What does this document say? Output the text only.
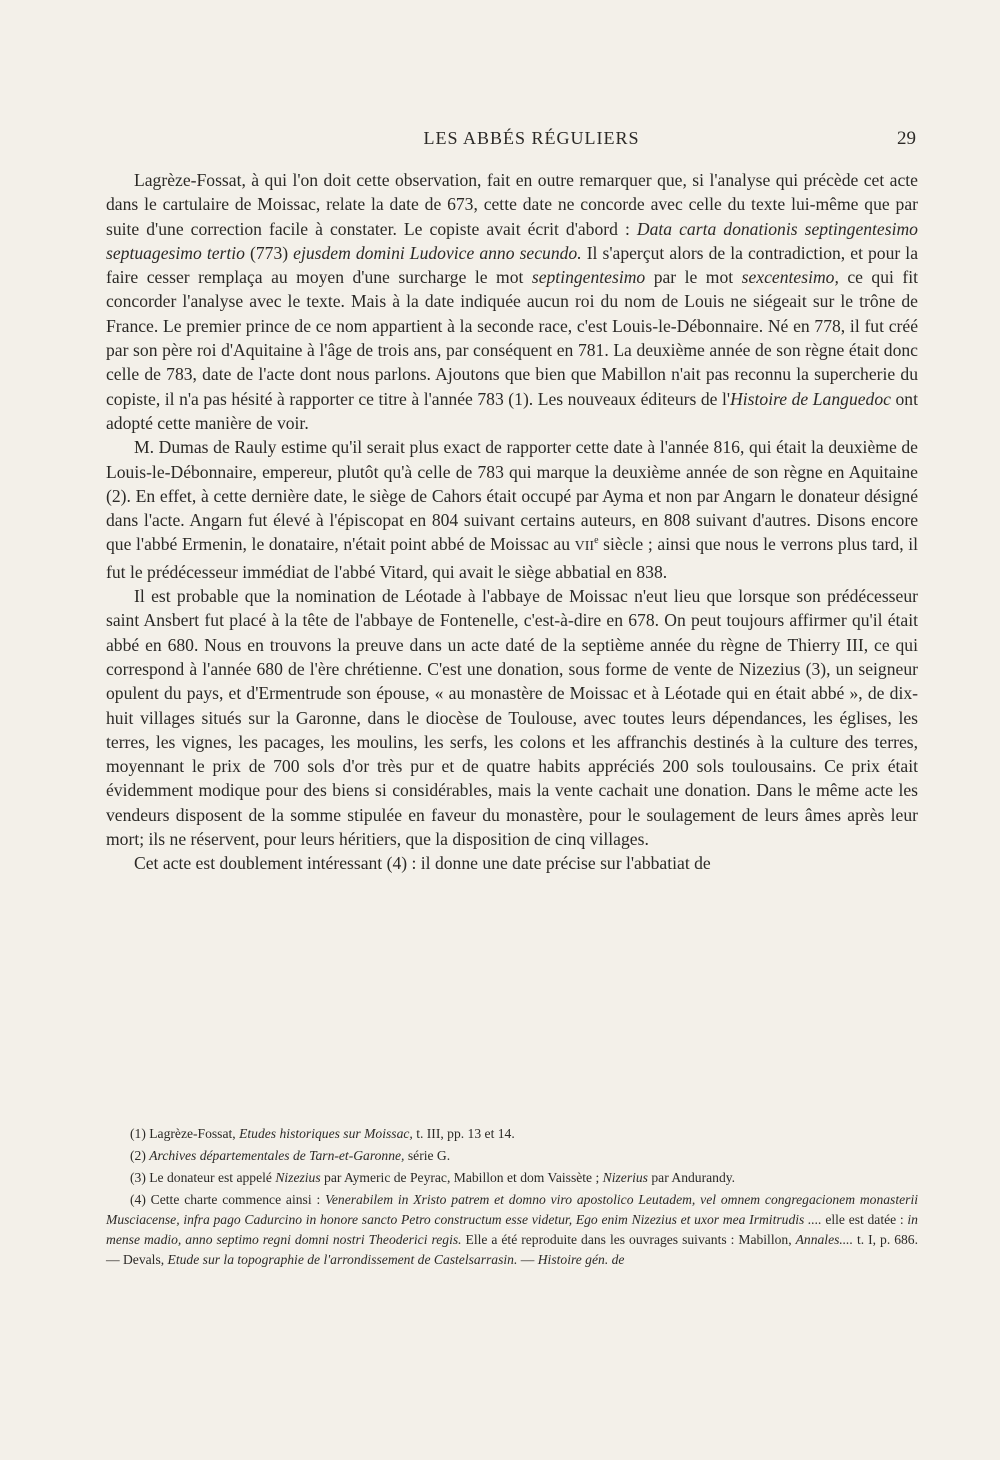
LES ABBÉS RÉGULIERS	29

Lagrèze-Fossat, à qui l'on doit cette observation, fait en outre remarquer que, si l'analyse qui précède cet acte dans le cartulaire de Moissac, relate la date de 673, cette date ne concorde avec celle du texte lui-même que par suite d'une correction facile à constater. Le copiste avait écrit d'abord : Data carta donationis septingentesimo septuagesimo tertio (773) ejusdem domini Ludovice anno secundo. Il s'aperçut alors de la contradiction, et pour la faire cesser remplaça au moyen d'une surcharge le mot septingentesimo par le mot sexcentesimo, ce qui fit concorder l'analyse avec le texte. Mais à la date indiquée aucun roi du nom de Louis ne siégeait sur le trône de France. Le premier prince de ce nom appartient à la seconde race, c'est Louis-le-Débonnaire. Né en 778, il fut créé par son père roi d'Aquitaine à l'âge de trois ans, par conséquent en 781. La deuxième année de son règne était donc celle de 783, date de l'acte dont nous parlons. Ajoutons que bien que Mabillon n'ait pas reconnu la supercherie du copiste, il n'a pas hésité à rapporter ce titre à l'année 783 (1). Les nouveaux éditeurs de l'Histoire de Languedoc ont adopté cette manière de voir.

M. Dumas de Rauly estime qu'il serait plus exact de rapporter cette date à l'année 816, qui était la deuxième de Louis-le-Débonnaire, empereur, plutôt qu'à celle de 783 qui marque la deuxième année de son règne en Aquitaine (2). En effet, à cette dernière date, le siège de Cahors était occupé par Ayma et non par Angarn le donateur désigné dans l'acte. Angarn fut élevé à l'épiscopat en 804 suivant certains auteurs, en 808 suivant d'autres. Disons encore que l'abbé Ermenin, le donataire, n'était point abbé de Moissac au VIIe siècle ; ainsi que nous le verrons plus tard, il fut le prédécesseur immédiat de l'abbé Vitard, qui avait le siège abbatial en 838.

Il est probable que la nomination de Léotade à l'abbaye de Moissac n'eut lieu que lorsque son prédécesseur saint Ansbert fut placé à la tête de l'abbaye de Fontenelle, c'est-à-dire en 678. On peut toujours affirmer qu'il était abbé en 680. Nous en trouvons la preuve dans un acte daté de la septième année du règne de Thierry III, ce qui correspond à l'année 680 de l'ère chrétienne. C'est une donation, sous forme de vente de Nizezius (3), un seigneur opulent du pays, et d'Ermentrude son épouse, « au monastère de Moissac et à Léotade qui en était abbé », de dix-huit villages situés sur la Garonne, dans le diocèse de Toulouse, avec toutes leurs dépendances, les églises, les terres, les vignes, les pacages, les moulins, les serfs, les colons et les affranchis destinés à la culture des terres, moyennant le prix de 700 sols d'or très pur et de quatre habits appréciés 200 sols toulousains. Ce prix était évidemment modique pour des biens si considérables, mais la vente cachait une donation. Dans le même acte les vendeurs disposent de la somme stipulée en faveur du monastère, pour le soulagement de leurs âmes après leur mort; ils ne réservent, pour leurs héritiers, que la disposition de cinq villages.

Cet acte est doublement intéressant (4) : il donne une date précise sur l'abbatiat de

(1) Lagrèze-Fossat, Etudes historiques sur Moissac, t. III, pp. 13 et 14.

(2) Archives départementales de Tarn-et-Garonne, série G.

(3) Le donateur est appelé Nizezius par Aymeric de Peyrac, Mabillon et dom Vaissète ; Nizerius par Andurandy.

(4) Cette charte commence ainsi : Venerabilem in Xristo patrem et domno viro apostolico Leutadem, vel omnem congregacionem monasterii Musciacense, infra pago Cadurcino in honore sancto Petro constructum esse videtur, Ego enim Nizezius et uxor mea Irmitrudis .... elle est datée : in mense madio, anno septimo regni domni nostri Theoderici regis. Elle a été reproduite dans les ouvrages suivants : Mabillon, Annales.... t. I, p. 686. — Devals, Etude sur la topographie de l'arrondissement de Castelsarrasin. — Histoire gén. de
